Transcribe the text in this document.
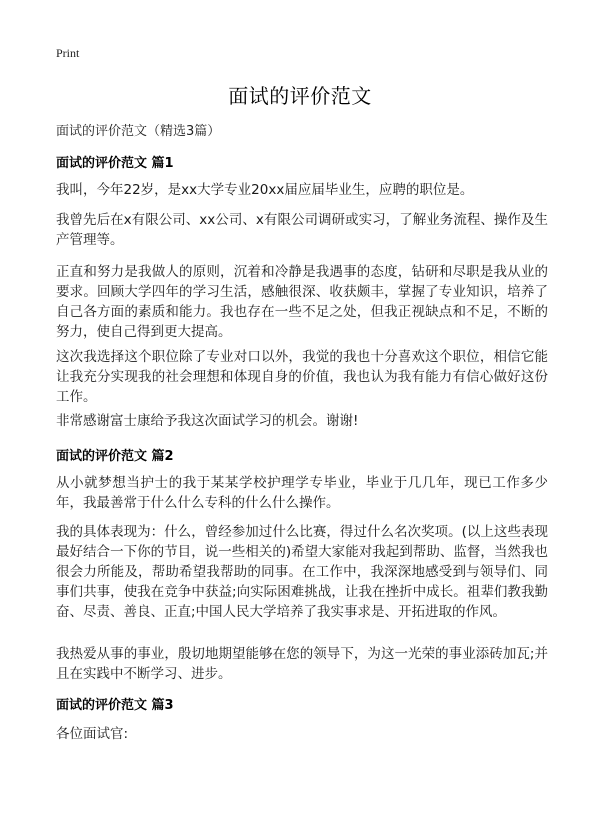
Print
面试的评价范文
面试的评价范文（精选3篇）
面试的评价范文 篇1

我叫，今年22岁，是xx大学专业20xx届应届毕业生，应聘的职位是。

我曾先后在x有限公司、xx公司、x有限公司调研或实习，了解业务流程、操作及生产管理等。

正直和努力是我做人的原则，沉着和冷静是我遇事的态度，钻研和尽职是我从业的要求。回顾大学四年的学习生活，感触很深、收获颇丰，掌握了专业知识，培养了自己各方面的素质和能力。我也存在一些不足之处，但我正视缺点和不足，不断的努力，使自己得到更大提高。

这次我选择这个职位除了专业对口以外，我觉的我也十分喜欢这个职位，相信它能让我充分实现我的社会理想和体现自身的价值，我也认为我有能力有信心做好这份工作。

非常感谢富士康给予我这次面试学习的机会。谢谢!

面试的评价范文 篇2

从小就梦想当护士的我于某某学校护理学专毕业，毕业于几几年，现已工作多少年，我最善常于什么什么专科的什么什么操作。

我的具体表现为：什么，曾经参加过什么比赛，得过什么名次奖项。(以上这些表现最好结合一下你的节目，说一些相关的)希望大家能对我起到帮助、监督，当然我也很会力所能及，帮助希望我帮助的同事。在工作中，我深深地感受到与领导们、同事们共事，使我在竞争中获益;向实际困难挑战，让我在挫折中成长。祖辈们教我勤奋、尽责、善良、正直;中国人民大学培养了我实事求是、开拓进取的作风。

我热爱从事的事业，殷切地期望能够在您的领导下，为这一光荣的事业添砖加瓦;并且在实践中不断学习、进步。

面试的评价范文 篇3

各位面试官:
